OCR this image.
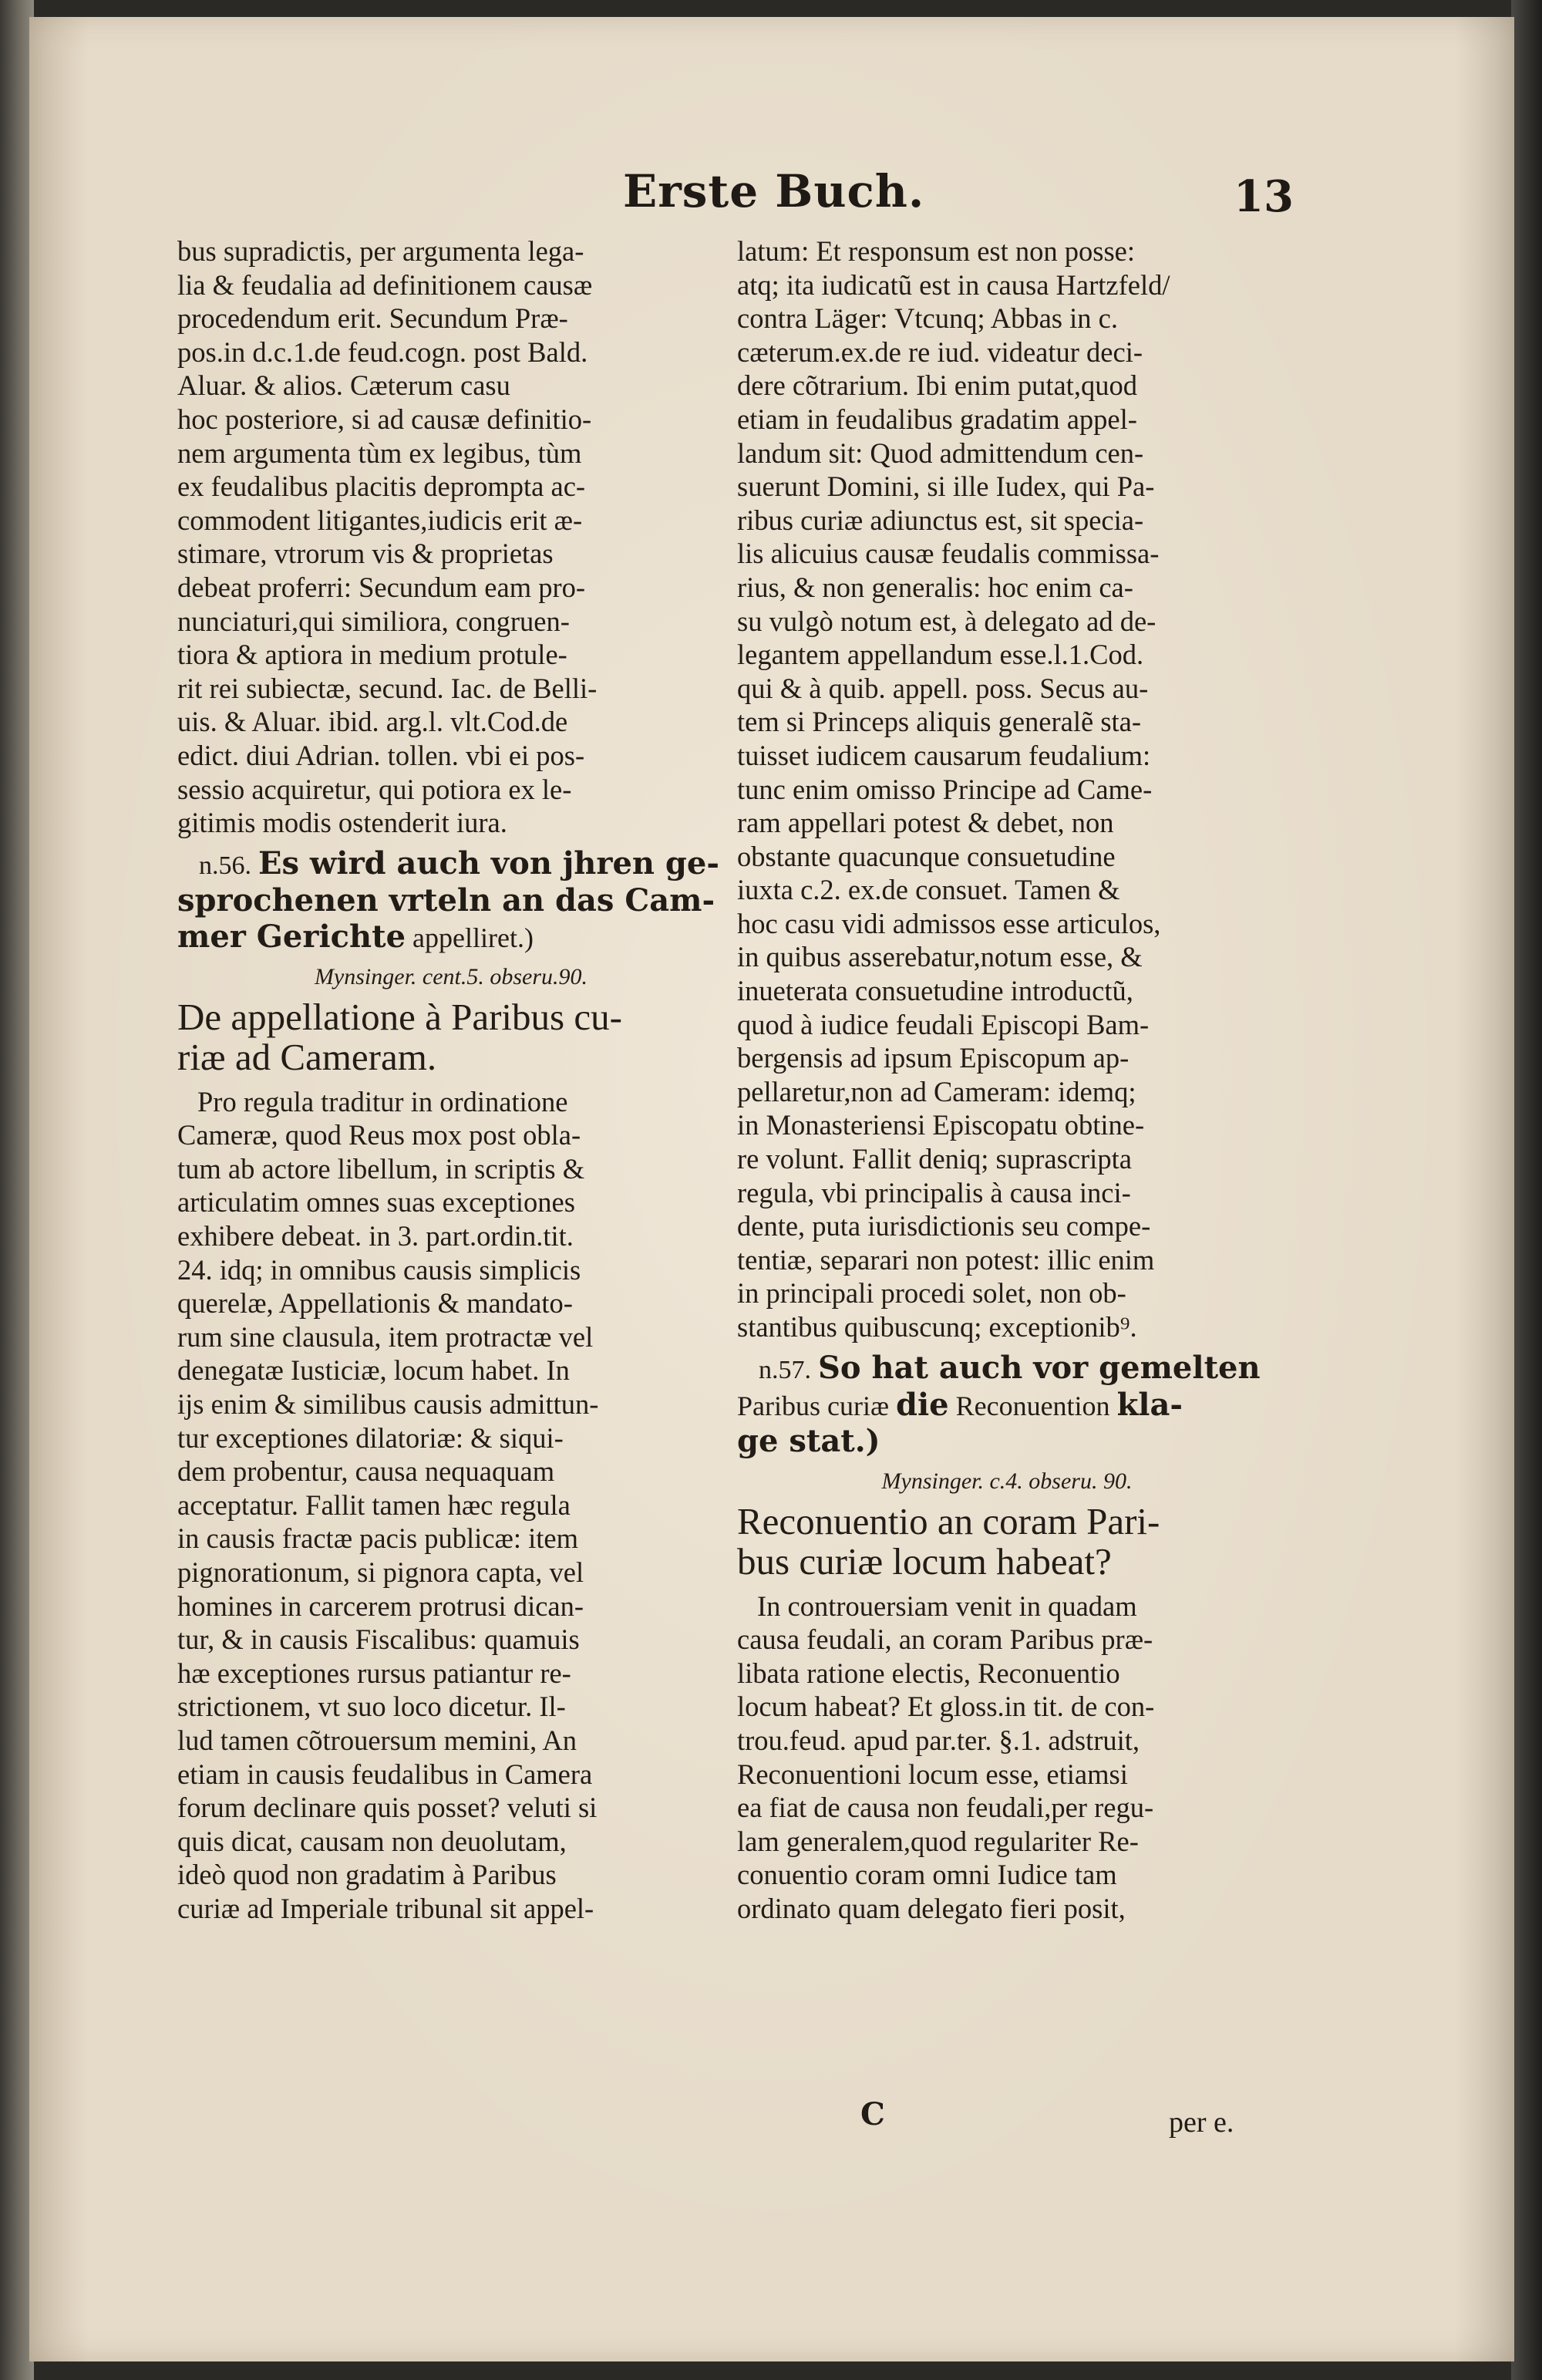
Erste Buch.	13
bus supradictis, per argumenta lega-
lia & feudalia ad definitionem causæ
procedendum erit. Secundum Præ-
pos.in d.c.1.de feud.cogn. post Bald.
Aluar. & alios. Cæterum casu
hoc posteriore, si ad causæ definitio-
nem argumenta tùm ex legibus, tùm
ex feudalibus placitis deprompta ac-
commodent litigantes,iudicis erit æ-
stimare, vtrorum vis & proprietas
debeat proferri: Secundum eam pro-
nunciaturi,qui similiora, congruen-
tiora & aptiora in medium protule-
rit rei subiectæ, secund. Iac. de Belli-
uis. & Aluar. ibid. arg.l. vlt.Cod.de
edict. diui Adrian. tollen. vbi ei pos-
sessio acquiretur, qui potiora ex le-
gitimis modis ostenderit iura.
n.56. Es wird auch von jhren ge-
sprochenen vrteln an das Cam-
mer Gerichte appelliret.)
Mynsinger. cent.5. obseru.90.
De appellatione à Paribus cu-
riæ ad Cameram.
Pro regula traditur in ordinatione
Cameræ, quod Reus mox post obla-
tum ab actore libellum, in scriptis &
articulatim omnes suas exceptiones
exhibere debeat. in 3. part.ordin.tit.
24. idq; in omnibus causis simplicis
querelæ, Appellationis & mandato-
rum sine clausula, item protractæ vel
denegatæ Iusticiæ, locum habet. In
ijs enim & similibus causis admittun-
tur exceptiones dilatoriæ: & siqui-
dem probentur, causa nequaquam
acceptatur. Fallit tamen hæc regula
in causis fractæ pacis publicæ: item
pignorationum, si pignora capta, vel
homines in carcerem protrusi dican-
tur, & in causis Fiscalibus: quamuis
hæ exceptiones rursus patiantur re-
strictionem, vt suo loco dicetur. Il-
lud tamen cõtrouersum memini, An
etiam in causis feudalibus in Camera
forum declinare quis posset? veluti si
quis dicat, causam non deuolutam,
ideò quod non gradatim à Paribus
curiæ ad Imperiale tribunal sit appel-
latum: Et responsum est non posse:
atq; ita iudicatũ est in causa Hartzfeld/
contra Läger: Vtcunq; Abbas in c.
cæterum.ex.de re iud. videatur deci-
dere cõtrarium. Ibi enim putat,quod
etiam in feudalibus gradatim appel-
landum sit: Quod admittendum cen-
suerunt Domini, si ille Iudex, qui Pa-
ribus curiæ adiunctus est, sit specia-
lis alicuius causæ feudalis commissa-
rius, & non generalis: hoc enim ca-
su vulgò notum est, à delegato ad de-
legantem appellandum esse.l.1.Cod.
qui & à quib. appell. poss. Secus au-
tem si Princeps aliquis generalẽ sta-
tuisset iudicem causarum feudalium:
tunc enim omisso Principe ad Came-
ram appellari potest & debet, non
obstante quacunque consuetudine
iuxta c.2. ex.de consuet. Tamen &
hoc casu vidi admissos esse articulos,
in quibus asserebatur,notum esse, &
inueterata consuetudine introductũ,
quod à iudice feudali Episcopi Bam-
bergensis ad ipsum Episcopum ap-
pellaretur,non ad Cameram: idemq;
in Monasteriensi Episcopatu obtine-
re volunt. Fallit deniq; suprascripta
regula, vbi principalis à causa inci-
dente, puta iurisdictionis seu compe-
tentiæ, separari non potest: illic enim
in principali procedi solet, non ob-
stantibus quibuscunq; exceptionib⁹.
n.57. So hat auch vor gemelten
Paribus curiæ die Reconuention kla-
ge stat.)
Mynsinger. c.4. obseru. 90.
Reconuentio an coram Pari-
bus curiæ locum habeat?
In controuersiam venit in quadam
causa feudali, an coram Paribus præ-
libata ratione electis, Reconuentio
locum habeat? Et gloss.in tit. de con-
trou.feud. apud par.ter. §.1. adstruit,
Reconuentioni locum esse, etiamsi
ea fiat de causa non feudali,per regu-
lam generalem,quod regulariter Re-
conuentio coram omni Iudice tam
ordinato quam delegato fieri posit,
C	per e.
